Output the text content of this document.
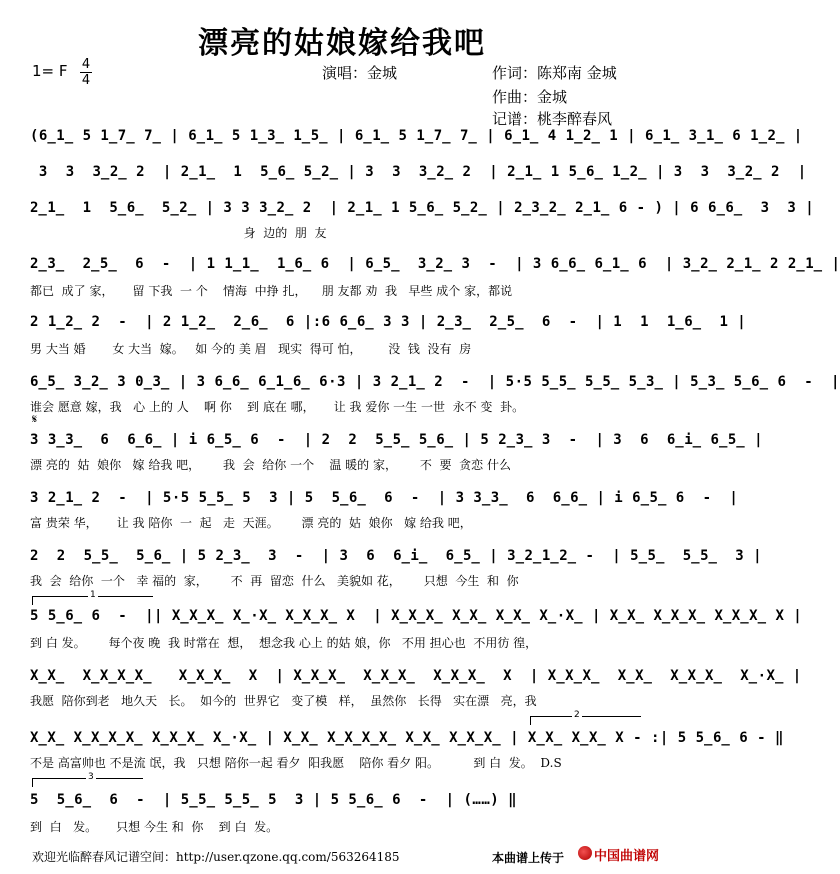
漂亮的姑娘嫁给我吧
1= F 4
4	演唱：金城	作词：陈郑南 金城
作曲：金城
记谱：桃李醉春风
(6̲1̲ 5 1̲7̲ 7̲ | 6̲1̲ 5 1̲3̲ 1̲5̲ | 6̲1̲ 5 1̲7̲ 7̲ | 6̲1̲ 4 1̲2̲ 1 | 6̲1̲ 3̲1̲ 6 1̲2̲ |
3  3  3̲2̲ 2  | 2̲1̲  1  5̲6̲ 5̲2̲ | 3  3  3̲2̲ 2  | 2̲1̲ 1 5̲6̲ 1̲2̲ | 3  3  3̲2̲ 2  |
2̲1̲  1  5̲6̲  5̲2̲ | 3 3 3̲2̲ 2  | 2̲1̲ 1 5̲6̲ 5̲2̲ | 2̲3̲2̲ 2̲1̲ 6 - ) | 6 6̲6̲  3  3 |
身  边的  朋  友
2̲3̲  2̲5̲  6  -  | 1 1̲1̲  1̲6̲ 6  | 6̲5̲  3̲2̲ 3  -  | 3 6̲6̲ 6̲1̲ 6  | 3̲2̲ 2̲1̲ 2 2̲1̲ |
都已  成了 家，     留 下我  一 个    情海  中挣 扎，    朋 友都 劝  我   早些 成个 家，都说
2 1̲2̲ 2  -  | 2 1̲2̲  2̲6̲  6 |:6 6̲6̲ 3 3 | 2̲3̲  2̲5̲  6  -  | 1  1  1̲6̲  1 |
男 大当 婚       女 大当  嫁。   如 今的 美 眉   现实  得可 怕，       没  钱  没有  房
6̲5̲ 3̲2̲ 3 0̲3̲ | 3 6̲6̲ 6̲1̲6̲ 6·3 | 3 2̲1̲ 2  -  | 5·5 5̲5̲ 5̲5̲ 5̲3̲ | 5̲3̲ 5̲6̲ 6  -  |
谁会 愿意 嫁，我   心 上的 人    啊 你    到 底在 哪，     让 我 爱你 一生 一世  永不 变  卦。
𝄋
3 3̲3̲  6  6̲6̲ | i 6̲5̲ 6  -  | 2  2  5̲5̲ 5̲6̲ | 5 2̲3̲ 3  -  | 3  6  6̲i̲ 6̲5̲ |
漂 亮的  姑  娘你   嫁 给我 吧，      我  会  给你 一个    温 暖的 家，      不  要  贪恋 什么
3 2̲1̲ 2  -  | 5·5 5̲5̲ 5  3 | 5  5̲6̲  6  -  | 3 3̲3̲  6  6̲6̲ | i 6̲5̲ 6  -  |
富 贵荣 华，     让 我 陪你  一  起   走  天涯。      漂 亮的  姑  娘你   嫁 给我 吧，
2  2  5̲5̲  5̲6̲ | 5 2̲3̲  3  -  | 3  6  6̲i̲  6̲5̲ | 3̲2̲1̲2̲ -  | 5̲5̲  5̲5̲  3 |
我  会  给你  一个   幸 福的  家，      不  再  留恋  什么   美貌如 花，      只想  今生  和  你
1
5 5̲6̲ 6  -  || X̲X̲X̲ X̲·X̲ X̲X̲X̲ X  | X̲X̲X̲ X̲X̲ X̲X̲ X̲·X̲ | X̲X̲ X̲X̲X̲ X̲X̲X̲ X |
到 白 发。      每个夜 晚  我 时常在  想，  想念我 心上 的姑 娘，你   不用 担心也  不用彷 徨，
X̲X̲  X̲X̲X̲X̲   X̲X̲X̲  X  | X̲X̲X̲  X̲X̲X̲  X̲X̲X̲  X  | X̲X̲X̲  X̲X̲  X̲X̲X̲  X̲·X̲ |
我愿  陪你到老   地久天   长。  如今的  世界它   变了模   样，  虽然你   长得   实在漂   亮，我
2
X̲X̲ X̲X̲X̲X̲ X̲X̲X̲ X̲·X̲ | X̲X̲ X̲X̲X̲X̲ X̲X̲ X̲X̲X̲ | X̲X̲ X̲X̲ X - :| 5 5̲6̲ 6 - ‖
不是 高富帅也 不是流 氓，我   只想 陪你一起 看夕  阳我愿    陪你 看夕 阳。         到 白  发。  D.S
3
5  5̲6̲  6  -  | 5̲5̲ 5̲5̲ 5  3 | 5 5̲6̲ 6  -  | (……) ‖
到  白   发。     只想 今生 和  你    到 白  发。
欢迎光临醉春风记谱空间：http://user.qzone.qq.com/563264185	本曲谱上传于 中国曲谱网
